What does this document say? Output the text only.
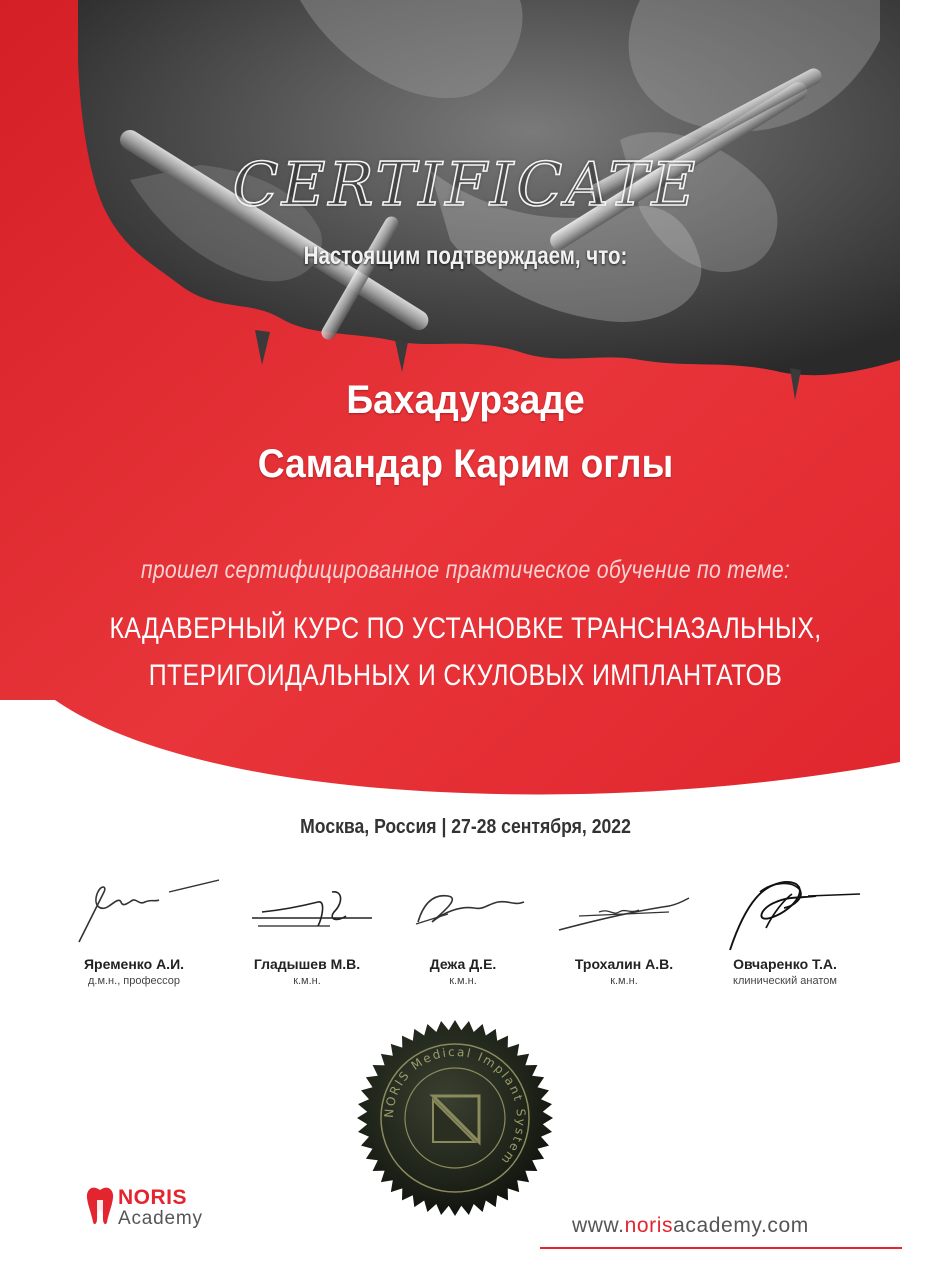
CERTIFICATE
Настоящим подтверждаем, что:
Бахадурзаде
Самандар Карим оглы
прошел сертифицированное практическое обучение по теме:
КАДАВЕРНЫЙ КУРС ПО УСТАНОВКЕ ТРАНСНАЗАЛЬНЫХ,
ПТЕРИГОИДАЛЬНЫХ И СКУЛОВЫХ ИМПЛАНТАТОВ
Москва, Россия | 27-28 сентября, 2022
Яременко А.И.
д.м.н., профессор
Гладышев М.В.
к.м.н.
Дежа Д.Е.
к.м.н.
Трохалин А.В.
к.м.н.
Овчаренко Т.А.
клинический анатом
NORIS Medical Implant System
NORIS
Academy	www.norisacademy.com
